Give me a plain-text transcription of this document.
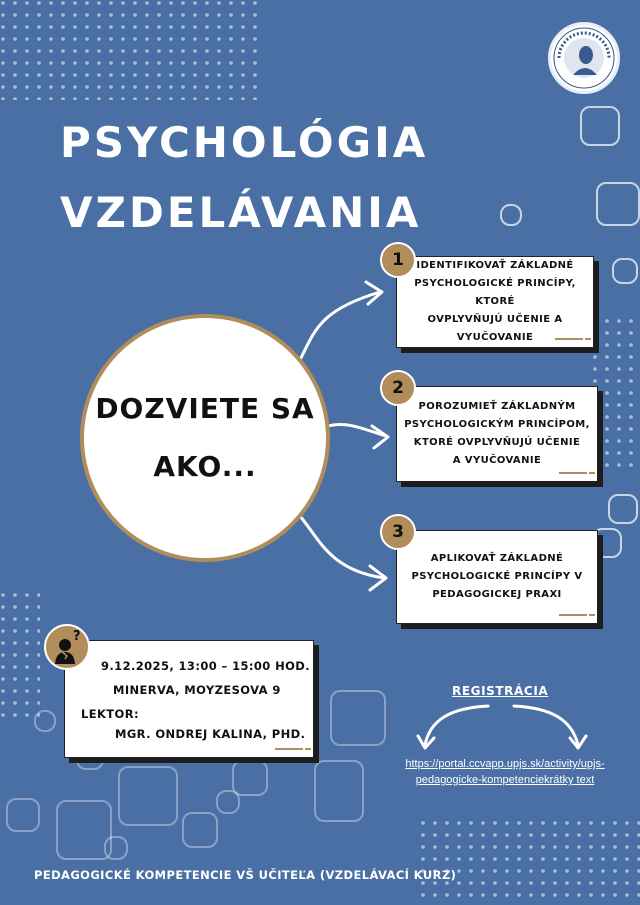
PSYCHOLÓGIA
VZDELÁVANIA
DOZVIETE SA
AKO...
IDENTIFIKOVAŤ ZÁKLADNÉ
PSYCHOLOGICKÉ PRINCÍPY, KTORÉ
OVPLYVŇUJÚ UČENIE A
VYUČOVANIE
1
POROZUMIEŤ ZÁKLADNÝM
PSYCHOLOGICKÝM PRINCÍPOM,
KTORÉ OVPLYVŇUJÚ UČENIE
A VYUČOVANIE
2
APLIKOVAŤ ZÁKLADNÉ
PSYCHOLOGICKÉ PRINCÍPY V
PEDAGOGICKEJ PRAXI
3
9.12.2025, 13:00 – 15:00 HOD.
MINERVA, MOYZESOVA 9
LEKTOR:
MGR. ONDREJ KALINA, PHD.
?
REGISTRÁCIA
https://portal.ccvapp.upjs.sk/activity/upjs-
pedagogicke-kompetenciekrátky text
PEDAGOGICKÉ KOMPETENCIE VŠ UČITEĽA (VZDELÁVACÍ KURZ)
